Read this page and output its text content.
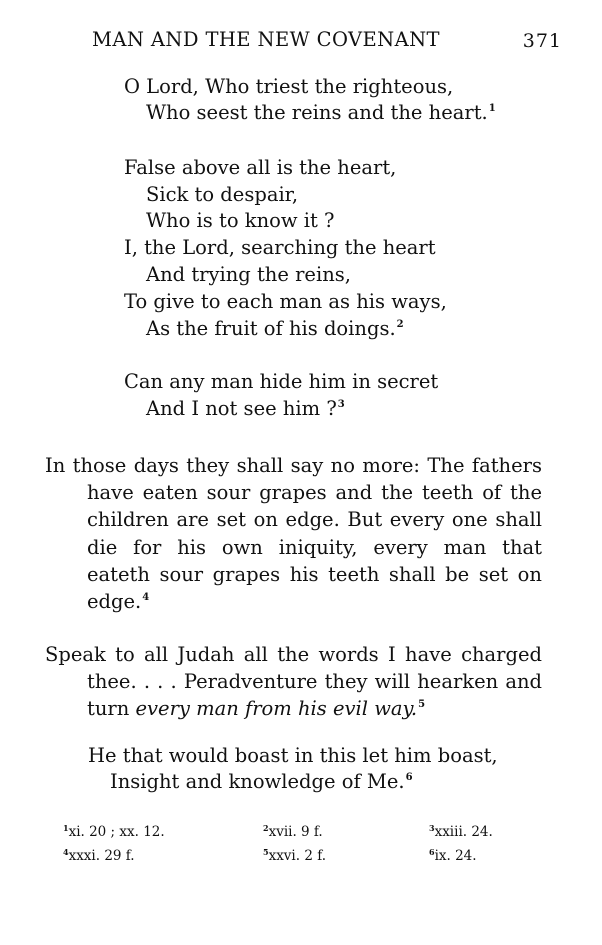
MAN AND THE NEW COVENANT	371
O Lord, Who triest the righteous,
Who seest the reins and the heart.$^1$
False above all is the heart,
Sick to despair,
Who is to know it ?
I, the Lord, searching the heart
And trying the reins,
To give to each man as his ways,
As the fruit of his doings.$^2$
Can any man hide him in secret
And I not see him ?$^3$

In those days they shall say no more: The fathers have eaten sour grapes and the teeth of the children are set on edge. But every one shall die for his own iniquity, every man that eateth sour grapes his teeth shall be set on edge.$^4$

Speak to all Judah all the words I have charged thee. . . . Peradventure they will hearken and turn every man from his evil way.$^5$

He that would boast in this let him boast,
Insight and knowledge of Me.$^6$
$^1$xi. 20 ; xx. 12.	$^2$xvii. 9 f.	$^3$xxiii. 24.
$^4$xxxi. 29 f.	$^5$xxvi. 2 f.	$^6$ix. 24.
